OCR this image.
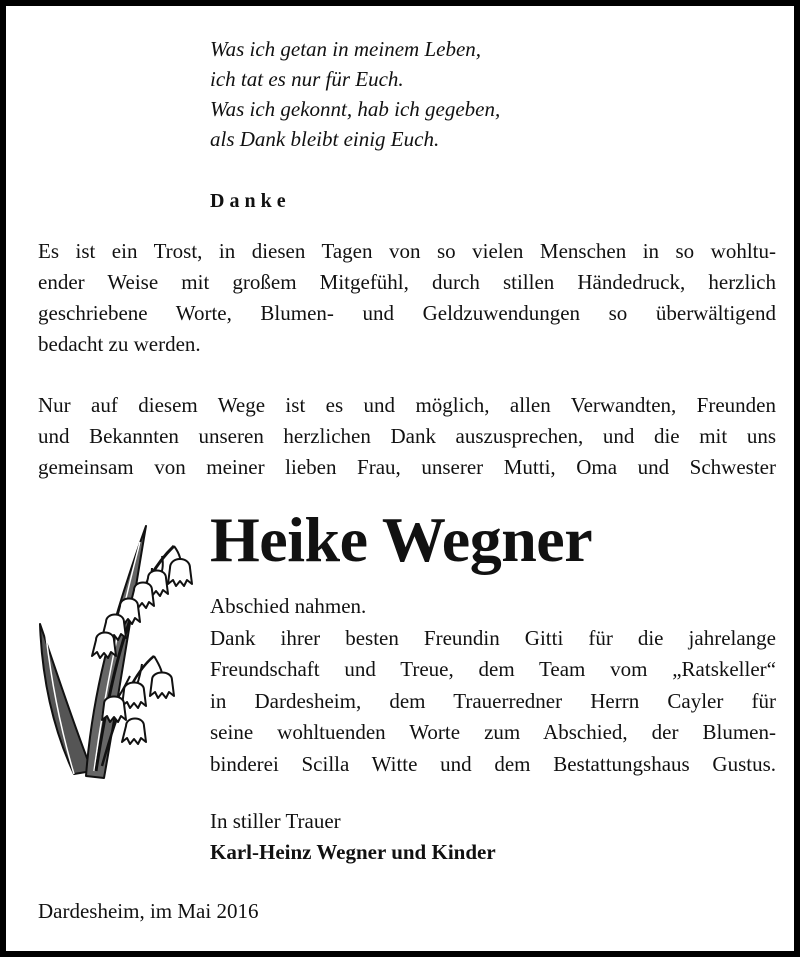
Was ich getan in meinem Leben,
ich tat es nur für Euch.
Was ich gekonnt, hab ich gegeben,
als Dank bleibt einig Euch.
Danke
Es ist ein Trost, in diesen Tagen von so vielen Menschen in so wohltu-
ender Weise mit großem Mitgefühl, durch stillen Händedruck, herzlich
geschriebene Worte, Blumen- und Geldzuwendungen so überwältigend
bedacht zu werden.
Nur auf diesem Wege ist es und möglich, allen Verwandten, Freunden
und Bekannten unseren herzlichen Dank auszusprechen, und die mit uns
gemeinsam von meiner lieben Frau, unserer Mutti, Oma und Schwester
Heike Wegner
Abschied nahmen.
Dank ihrer besten Freundin Gitti für die jahrelange
Freundschaft und Treue, dem Team vom „Ratskeller“
in Dardesheim, dem Trauerredner Herrn Cayler für
seine wohltuenden Worte zum Abschied, der Blumen-
binderei Scilla Witte und dem Bestattungshaus Gustus.
In stiller Trauer
Karl-Heinz Wegner und Kinder
Dardesheim, im Mai 2016
